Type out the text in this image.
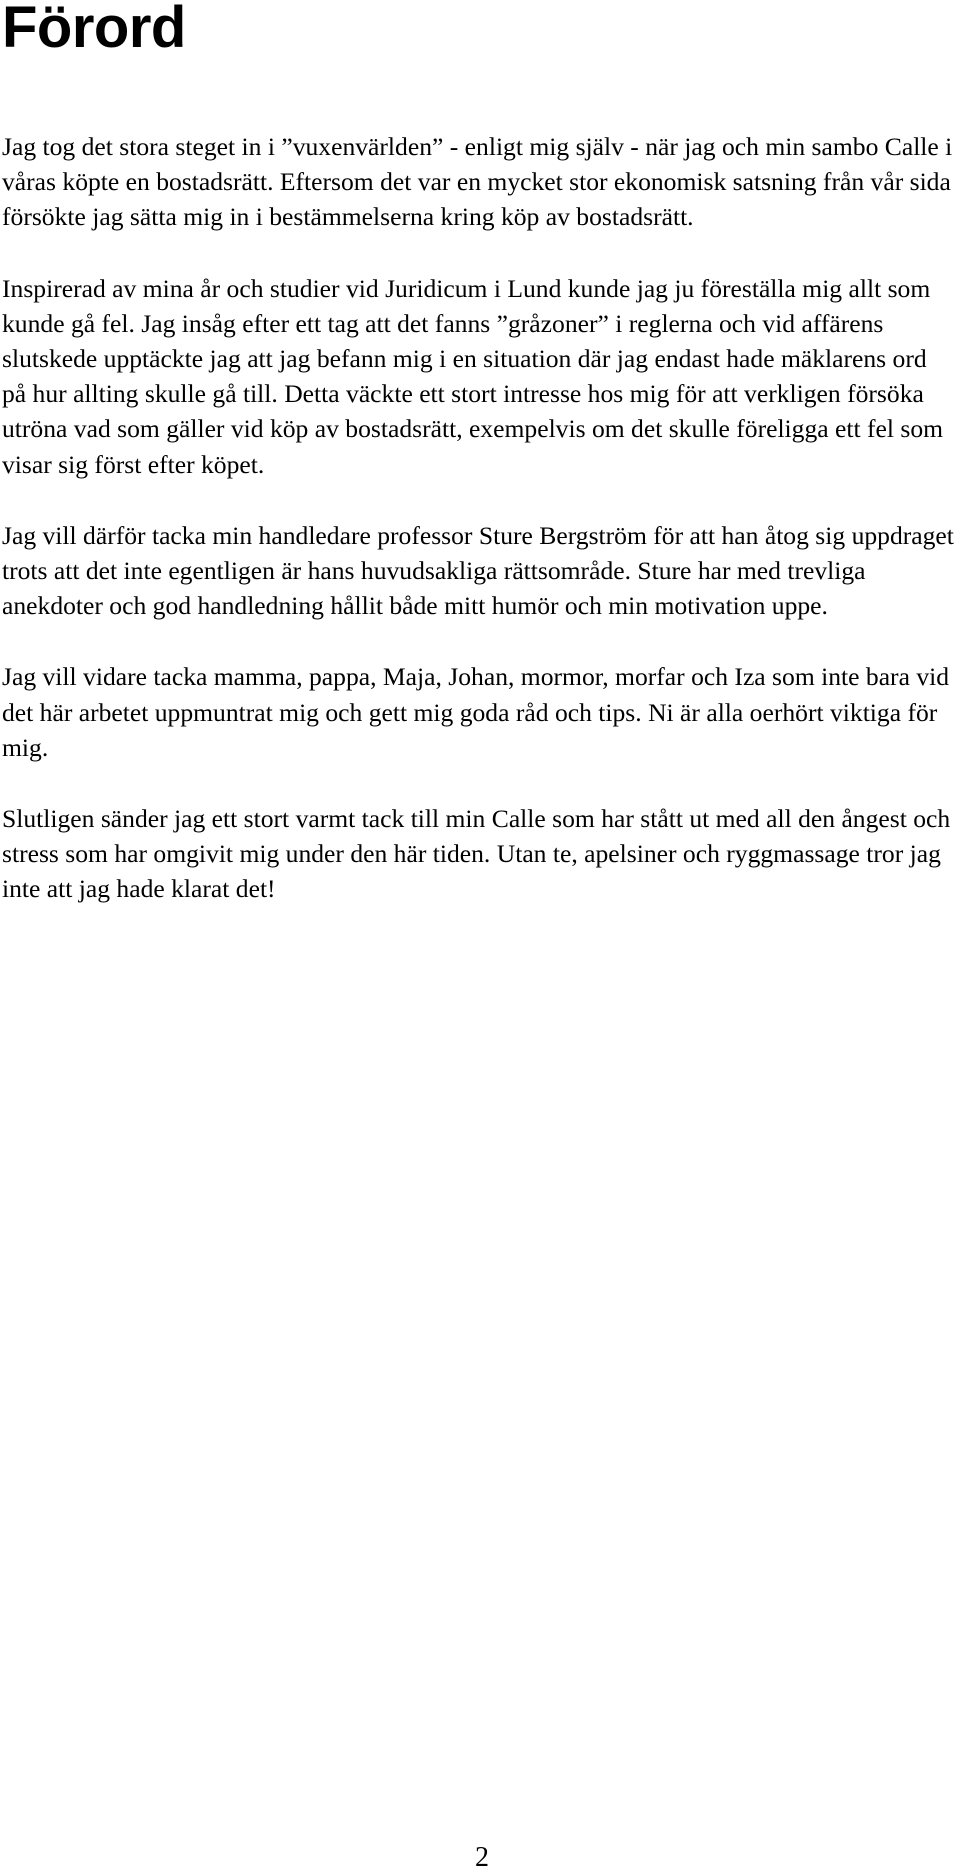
Förord

Jag tog det stora steget in i ”vuxenvärlden” - enligt mig själv - när jag och min sambo Calle i våras köpte en bostadsrätt. Eftersom det var en mycket stor ekonomisk satsning från vår sida försökte jag sätta mig in i bestämmelserna kring köp av bostadsrätt.

Inspirerad av mina år och studier vid Juridicum i Lund kunde jag ju föreställa mig allt som kunde gå fel. Jag insåg efter ett tag att det fanns ”gråzoner” i reglerna och vid affärens slutskede upptäckte jag att jag befann mig i en situation där jag endast hade mäklarens ord på hur allting skulle gå till. Detta väckte ett stort intresse hos mig för att verkligen försöka utröna vad som gäller vid köp av bostadsrätt, exempelvis om det skulle föreligga ett fel som visar sig först efter köpet.

Jag vill därför tacka min handledare professor Sture Bergström för att han åtog sig uppdraget trots att det inte egentligen är hans huvudsakliga rättsområde. Sture har med trevliga anekdoter och god handledning hållit både mitt humör och min motivation uppe.

Jag vill vidare tacka mamma, pappa, Maja, Johan, mormor, morfar och Iza som inte bara vid det här arbetet uppmuntrat mig och gett mig goda råd och tips. Ni är alla oerhört viktiga för mig.

Slutligen sänder jag ett stort varmt tack till min Calle som har stått ut med all den ångest och stress som har omgivit mig under den här tiden. Utan te, apelsiner och ryggmassage tror jag inte att jag hade klarat det!

2
